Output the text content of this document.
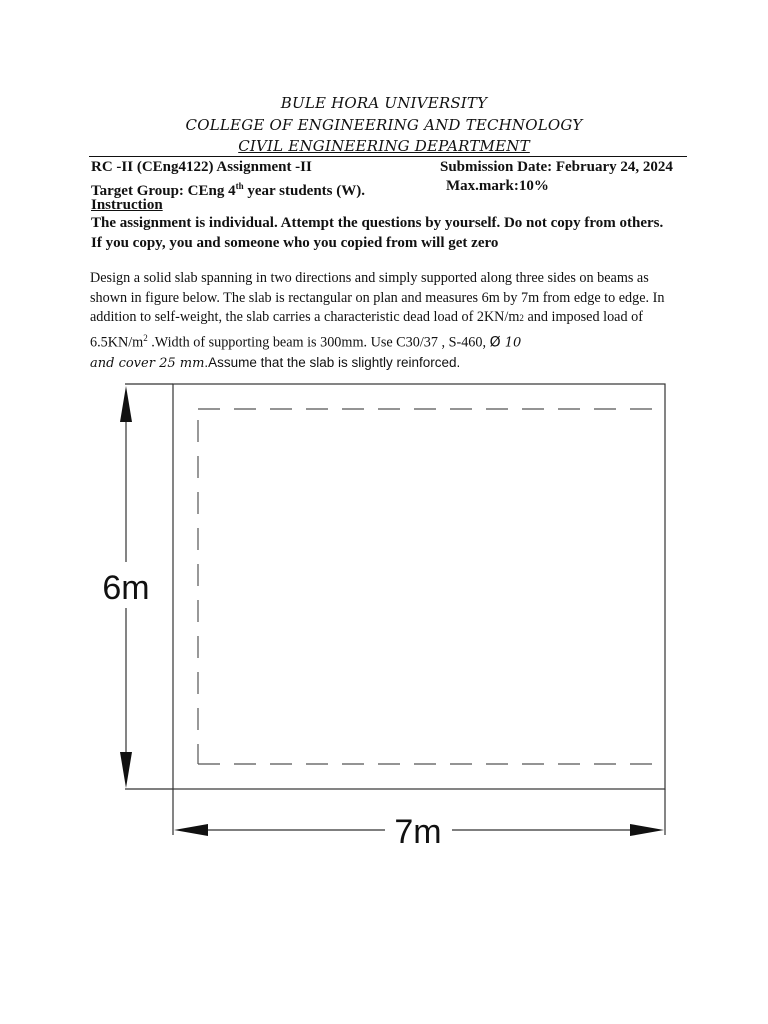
BULE HORA UNIVERSITY
COLLEGE OF ENGINEERING AND TECHNOLOGY
CIVIL ENGINEERING DEPARTMENT
RC -II (CEng4122) Assignment -II	Submission Date: February 24, 2024
Target Group: CEng 4th year students (W).	Max.mark:10%
Instruction
The assignment is individual. Attempt the questions by yourself. Do not copy from others.
If you copy, you and someone who you copied from will get zero
Design a solid slab spanning in two directions and simply supported along three sides on beams as shown in figure below. The slab is rectangular on plan and measures 6m by 7m from edge to edge. In addition to self-weight, the slab carries a characteristic dead load of 2KN/m2 and imposed load of $6.5KN/m^2$ .Width of supporting beam is 300mm. Use C30/37 , S-460, Ø 10
and cover 25 mm.Assume that the slab is slightly reinforced.
6m
7m
